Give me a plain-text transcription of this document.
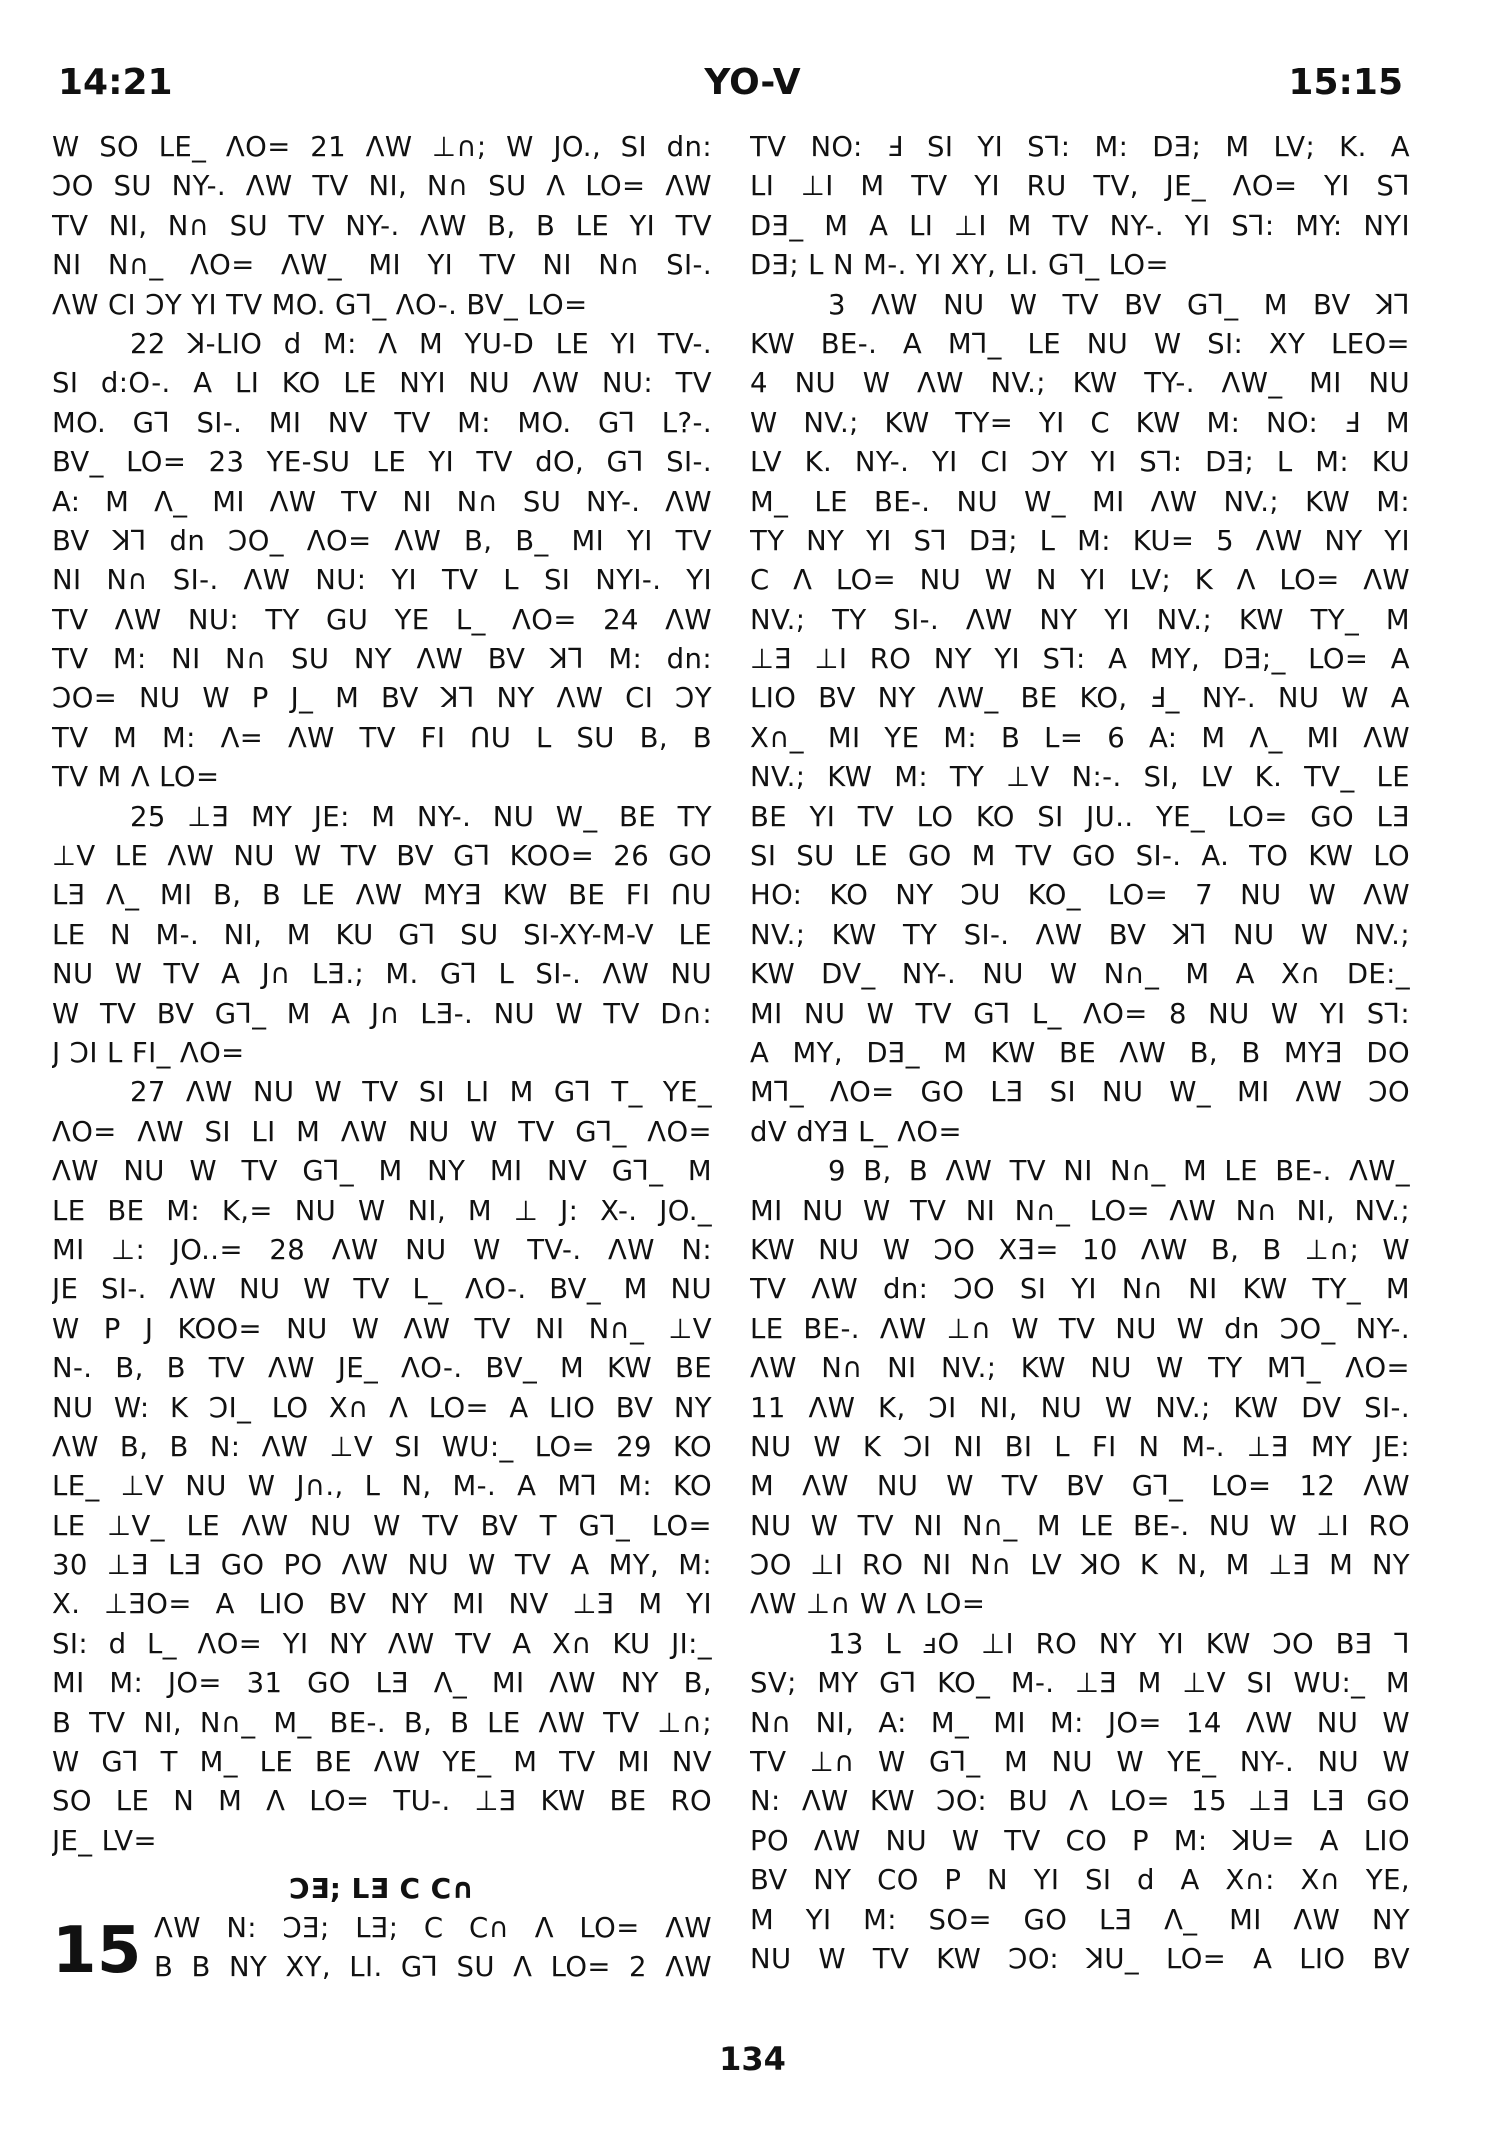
14:21	YO-V	15:15
W SO LE_ ΛO= 21 ΛW ⊥∩; W JO., SI dn:
ƆO SU NY-. ΛW TV NI, N∩ SU Λ LO= ΛW
TV NI, N∩ SU TV NY-. ΛW B, B LE YI TV
NI N∩_ ΛO= ΛW_ MI YI TV NI N∩ SI-.
ΛW CI ƆY YI TV MO. Gꓶ_ ΛO-. BV_ LO=
22 ꓘ-LIO d M: Λ M YU-D LE YI TV-.
SI d:O-. A LI KO LE NYI NU ΛW NU: TV
MO. Gꓶ SI-. MI NV TV M: MO. Gꓶ L?-.
BV_ LO= 23 YE-SU LE YI TV dO, Gꓶ SI-.
A: M Λ_ MI ΛW TV NI N∩ SU NY-. ΛW
BV ꓘꓶ dn ƆO_ ΛO= ΛW B, B_ MI YI TV
NI N∩ SI-. ΛW NU: YI TV L SI NYI-. YI
TV ΛW NU: TY GU YE L_ ΛO= 24 ΛW
TV M: NI N∩ SU NY ΛW BV ꓘꓶ M: dn:
ƆO= NU W P J_ M BV ꓘꓶ NY ΛW CI ƆY
TV M M: Λ= ΛW TV FI ꓵU L SU B, B
TV M Λ LO=
25 ⊥Ǝ MY JE: M NY-. NU W_ BE TY
⊥V LE ΛW NU W TV BV Gꓶ KOO= 26 GO
LƎ Λ_ MI B, B LE ΛW MYƎ KW BE FI ꓵU
LE N M-. NI, M KU Gꓶ SU SI-XY-M-V LE
NU W TV A J∩ LƎ.; M. Gꓶ L SI-. ΛW NU
W TV BV Gꓶ_ M A J∩ LƎ-. NU W TV D∩:
J ƆI L FI_ ΛO=
27 ΛW NU W TV SI LI M Gꓶ T_ YE_
ΛO= ΛW SI LI M ΛW NU W TV Gꓶ_ ΛO=
ΛW NU W TV Gꓶ_ M NY MI NV Gꓶ_ M
LE BE M: K,= NU W NI, M ⊥ J: X-. JO._
MI ⊥: JO..= 28 ΛW NU W TV-. ΛW N:
JE SI-. ΛW NU W TV L_ ΛO-. BV_ M NU
W P J KOO= NU W ΛW TV NI N∩_ ⊥V
N-. B, B TV ΛW JE_ ΛO-. BV_ M KW BE
NU W: K ƆI_ LO X∩ Λ LO= A LIO BV NY
ΛW B, B N: ΛW ⊥V SI WU:_ LO= 29 KO
LE_ ⊥V NU W J∩., L N, M-. A Mꓶ M: KO
LE ⊥V_ LE ΛW NU W TV BV T Gꓶ_ LO=
30 ⊥Ǝ LƎ GO PO ΛW NU W TV A MY, M:
X. ⊥ƎO= A LIO BV NY MI NV ⊥Ǝ M YI
SI: d L_ ΛO= YI NY ΛW TV A X∩ KU JI:_
MI M: JO= 31 GO LƎ Λ_ MI ΛW NY B,
B TV NI, N∩_ M_ BE-. B, B LE ΛW TV ⊥∩;
W Gꓶ T M_ LE BE ΛW YE_ M TV MI NV
SO LE N M Λ LO= TU-. ⊥Ǝ KW BE RO
JE_ LV=
ƆƎ; LƎ C C∩
15 ΛW N: ƆƎ; LƎ; C C∩ Λ LO= ΛW
B B NY XY, LI. Gꓶ SU Λ LO= 2 ΛW
TV NO: Ⅎ SI YI Sꓶ: M: DƎ; M LV; K. A
LI ⊥I M TV YI RU TV, JE_ ΛO= YI Sꓶ
DƎ_ M A LI ⊥I M TV NY-. YI Sꓶ: MY: NYI
DƎ; L N M-. YI XY, LI. Gꓶ_ LO=
3 ΛW NU W TV BV Gꓶ_ M BV ꓘꓶ
KW BE-. A Mꓶ_ LE NU W SI: XY LEO=
4 NU W ΛW NV.; KW TY-. ΛW_ MI NU
W NV.; KW TY= YI C KW M: NO: Ⅎ M
LV K. NY-. YI CI ƆY YI Sꓶ: DƎ; L M: KU
M_ LE BE-. NU W_ MI ΛW NV.; KW M:
TY NY YI Sꓶ DƎ; L M: KU= 5 ΛW NY YI
C Λ LO= NU W N YI LV; K Λ LO= ΛW
NV.; TY SI-. ΛW NY YI NV.; KW TY_ M
⊥Ǝ ⊥I RO NY YI Sꓶ: A MY, DƎ;_ LO= A
LIO BV NY ΛW_ BE KO, Ⅎ_ NY-. NU W A
X∩_ MI YE M: B L= 6 A: M Λ_ MI ΛW
NV.; KW M: TY ⊥V N:-. SI, LV K. TV_ LE
BE YI TV LO KO SI JU.. YE_ LO= GO LƎ
SI SU LE GO M TV GO SI-. A. TO KW LO
HO: KO NY ƆU KO_ LO= 7 NU W ΛW
NV.; KW TY SI-. ΛW BV ꓘꓶ NU W NV.;
KW DV_ NY-. NU W N∩_ M A X∩ DE:_
MI NU W TV Gꓶ L_ ΛO= 8 NU W YI Sꓶ:
A MY, DƎ_ M KW BE ΛW B, B MYƎ DO
Mꓶ_ ΛO= GO LƎ SI NU W_ MI ΛW ƆO
dV dYƎ L_ ΛO=
9 B, B ΛW TV NI N∩_ M LE BE-. ΛW_
MI NU W TV NI N∩_ LO= ΛW N∩ NI, NV.;
KW NU W ƆO XƎ= 10 ΛW B, B ⊥∩; W
TV ΛW dn: ƆO SI YI N∩ NI KW TY_ M
LE BE-. ΛW ⊥∩ W TV NU W dn ƆO_ NY-.
ΛW N∩ NI NV.; KW NU W TY Mꓶ_ ΛO=
11 ΛW K, ƆI NI, NU W NV.; KW DV SI-.
NU W K ƆI NI BI L FI N M-. ⊥Ǝ MY JE:
M ΛW NU W TV BV Gꓶ_ LO= 12 ΛW
NU W TV NI N∩_ M LE BE-. NU W ⊥I RO
ƆO ⊥I RO NI N∩ LV ꓘO K N, M ⊥Ǝ M NY
ΛW ⊥∩ W Λ LO=
13 L ⅎO ⊥I RO NY YI KW ƆO BƎ ꓶ
SV; MY Gꓶ KO_ M-. ⊥Ǝ M ⊥V SI WU:_ M
N∩ NI, A: M_ MI M: JO= 14 ΛW NU W
TV ⊥∩ W Gꓶ_ M NU W YE_ NY-. NU W
N: ΛW KW ƆO: BU Λ LO= 15 ⊥Ǝ LƎ GO
PO ΛW NU W TV CO P M: ꓘU= A LIO
BV NY CO P N YI SI d A X∩: X∩ YE,
M YI M: SO= GO LƎ Λ_ MI ΛW NY
NU W TV KW ƆO: ꓘU_ LO= A LIO BV
134
